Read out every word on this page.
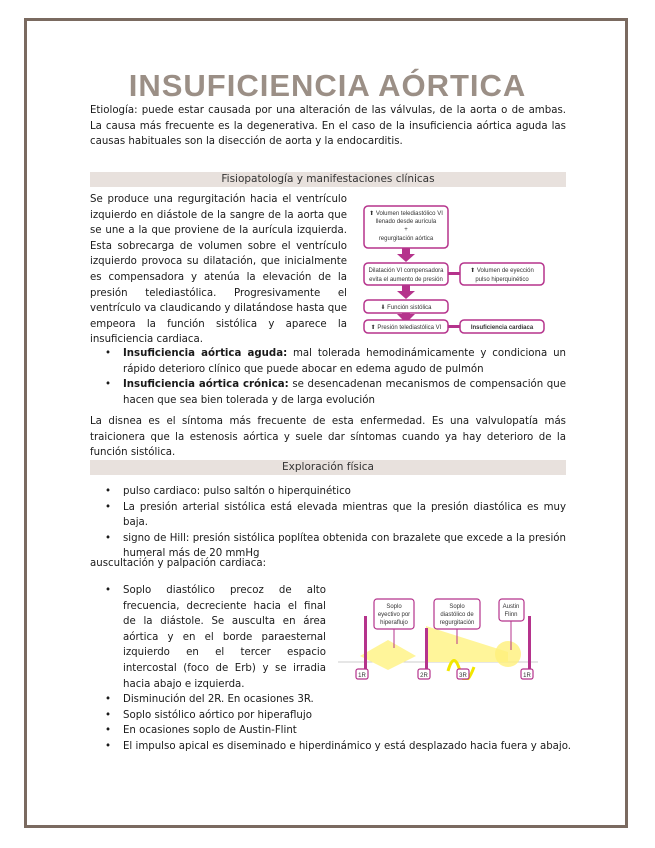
INSUFICIENCIA AÓRTICA
Etiología: puede estar causada por una alteración de las válvulas, de la aorta o de ambas. La causa más frecuente es la degenerativa. En el caso de la insuficiencia aórtica aguda las causas habituales son la disección de aorta y la endocarditis.
Fisiopatología y manifestaciones clínicas
Se produce una regurgitación hacia el ventrículo izquierdo en diástole de la sangre de la aorta que se une a la que proviene de la aurícula izquierda. Esta sobrecarga de volumen sobre el ventrículo izquierdo provoca su dilatación, que inicialmente es compensadora y atenúa la elevación de la presión telediastólica. Progresivamente el ventrículo va claudicando y dilatándose hasta que empeora la función sistólica y aparece la insuficiencia cardiaca.
⬆ Volumen telediastólico VI
llenado desde aurícula
+
regurgitación aórtica
Dilatación VI compensadora
evita el aumento de presión
⬆ Volumen de eyección
pulso hiperquinético
⬇ Función sistólica
⬆ Presión telediastólica VI	Insuficiencia cardiaca
• Insuficiencia aórtica aguda: mal tolerada hemodinámicamente y condiciona un rápido deterioro clínico que puede abocar en edema agudo de pulmón
• Insuficiencia aórtica crónica: se desencadenan mecanismos de compensación que hacen que sea bien tolerada y de larga evolución
La disnea es el síntoma más frecuente de esta enfermedad. Es una valvulopatía más traicionera que la estenosis aórtica y suele dar síntomas cuando ya hay deterioro de la función sistólica.
Exploración física
• pulso cardiaco: pulso saltón o hiperquinético
• La presión arterial sistólica está elevada mientras que la presión diastólica es muy baja.
• signo de Hill: presión sistólica poplítea obtenida con brazalete que excede a la presión humeral más de 20 mmHg
auscultación y palpación cardiaca:
• Soplo diastólico precoz de alto frecuencia, decreciente hacia el final de la diástole. Se ausculta en área aórtica y en el borde paraesternal izquierdo en el tercer espacio intercostal (foco de Erb) y se irradia hacia abajo e izquierda.
• Disminución del 2R. En ocasiones 3R.
• Soplo sistólico aórtico por hiperaflujo
• En ocasiones soplo de Austin-Flint
• El impulso apical es diseminado e hiperdinámico y está desplazado hacia fuera y abajo.
Soplo
eyectivo por
hiperaflujo
Soplo
diastólico de
regurgitación
Austin
Flinn
1R	2R	3R	1R
